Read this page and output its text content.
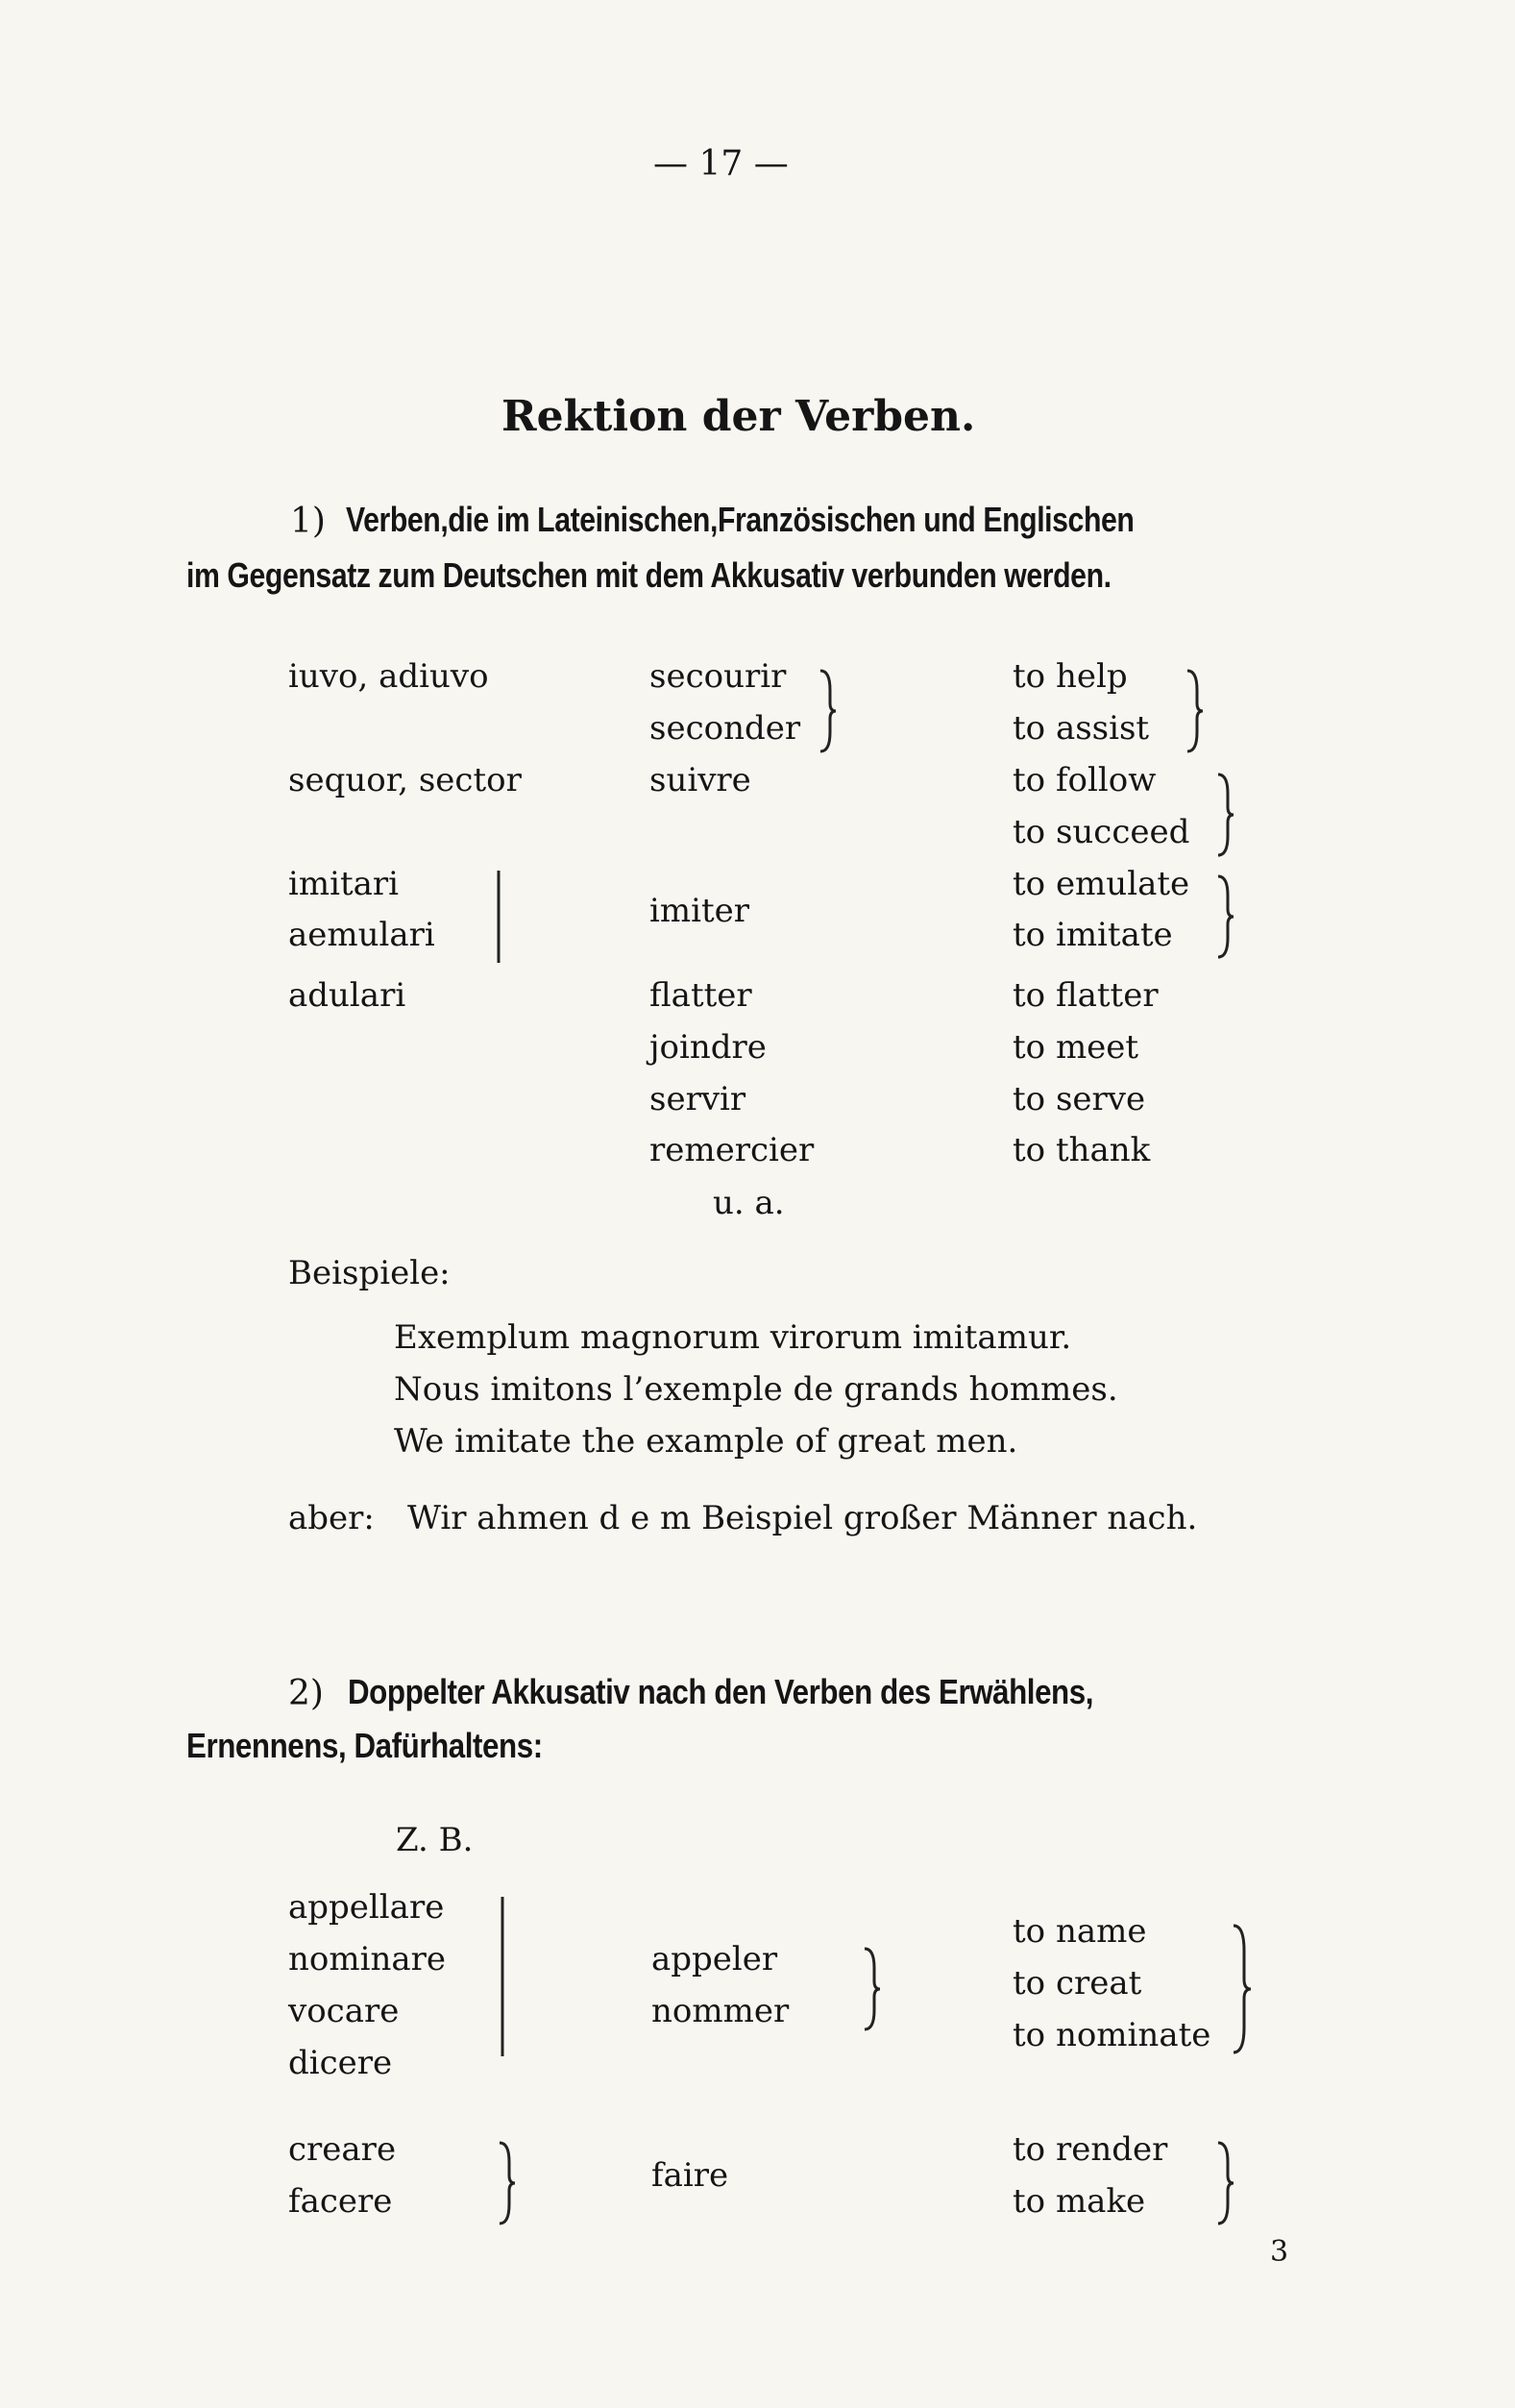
— 17 —
Rektion der Verben.
1) Verben,die im Lateinischen,Französischen und Englischen
im Gegensatz zum Deutschen mit dem Akkusativ verbunden werden.
iuvo, adiuvo
sequor, sector
imitari
aemulari
adulari
secourir
seconder
suivre
imiter
flatter
joindre
servir
remercier
u. a.
to help
to assist
to follow
to succeed
to emulate
to imitate
to flatter
to meet
to serve
to thank
Beispiele:
Exemplum magnorum virorum imitamur.
Nous imitons l’exemple de grands hommes.
We imitate the example of great men.
aber: Wir ahmen d e m Beispiel großer Männer nach.
2) Doppelter Akkusativ nach den Verben des Erwählens,
Ernennens, Dafürhaltens:
Z. B.
appellare
nominare
vocare
dicere
creare
facere
appeler
nommer
faire
to name
to creat
to nominate
to render
to make
3
